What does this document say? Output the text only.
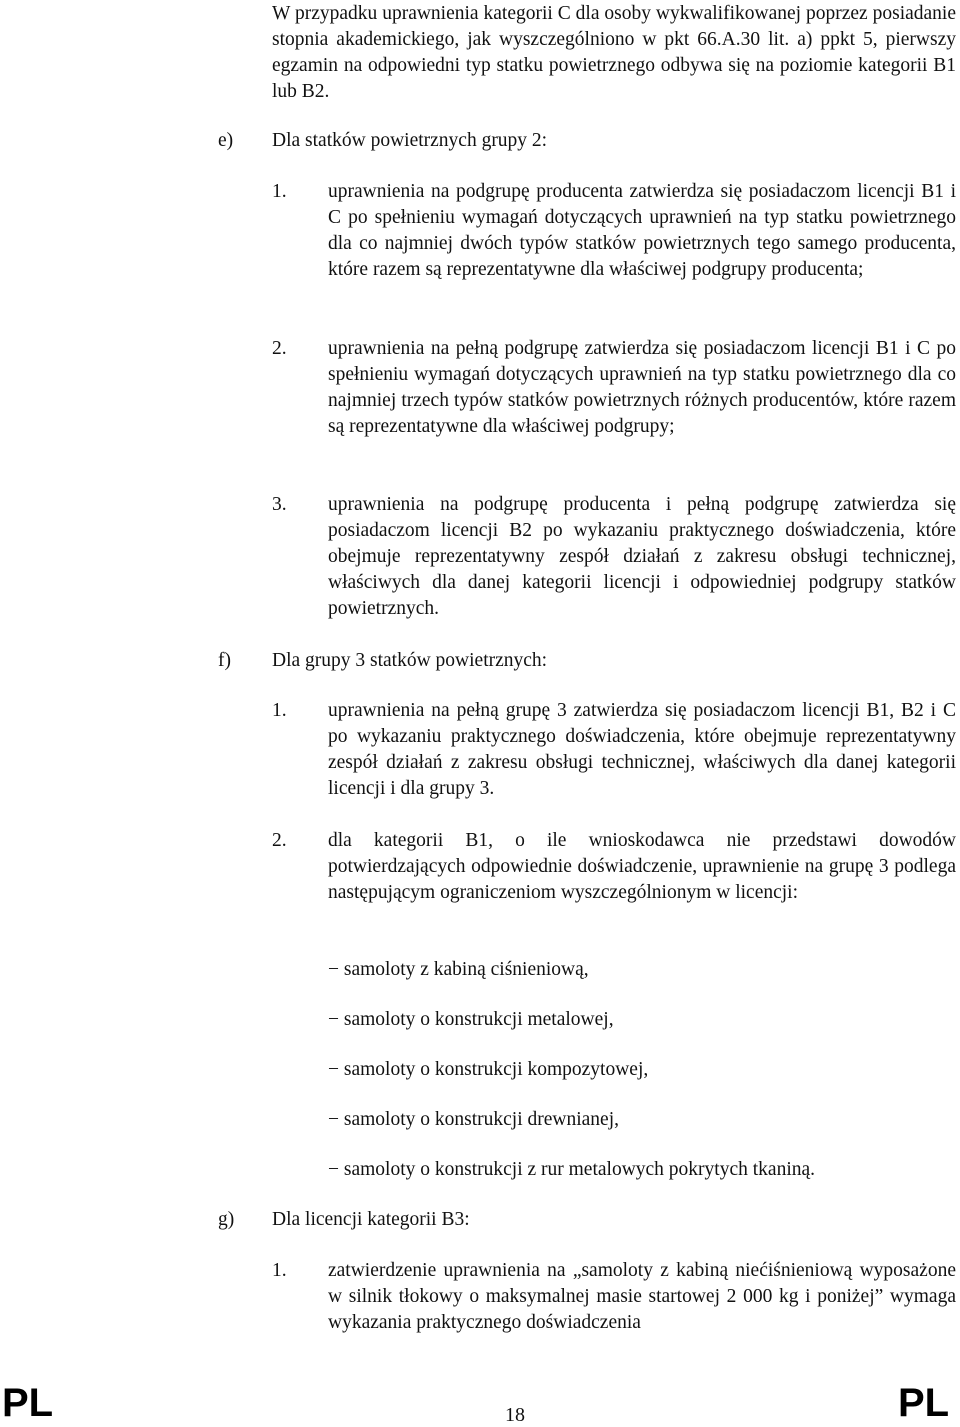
W przypadku uprawnienia kategorii C dla osoby wykwalifikowanej poprzez posiadanie stopnia akademickiego, jak wyszczególniono w pkt 66.A.30 lit. a) ppkt 5, pierwszy egzamin na odpowiedni typ statku powietrznego odbywa się na poziomie kategorii B1 lub B2.

e) Dla statków powietrznych grupy 2:

1. uprawnienia na podgrupę producenta zatwierdza się posiadaczom licencji B1 i C po spełnieniu wymagań dotyczących uprawnień na typ statku powietrznego dla co najmniej dwóch typów statków powietrznych tego samego producenta, które razem są reprezentatywne dla właściwej podgrupy producenta;
2. uprawnienia na pełną podgrupę zatwierdza się posiadaczom licencji B1 i C po spełnieniu wymagań dotyczących uprawnień na typ statku powietrznego dla co najmniej trzech typów statków powietrznych różnych producentów, które razem są reprezentatywne dla właściwej podgrupy;
3. uprawnienia na podgrupę producenta i pełną podgrupę zatwierdza się posiadaczom licencji B2 po wykazaniu praktycznego doświadczenia, które obejmuje reprezentatywny zespół działań z zakresu obsługi technicznej, właściwych dla danej kategorii licencji i odpowiedniej podgrupy statków powietrznych.

f) Dla grupy 3 statków powietrznych:

1. uprawnienia na pełną grupę 3 zatwierdza się posiadaczom licencji B1, B2 i C po wykazaniu praktycznego doświadczenia, które obejmuje reprezentatywny zespół działań z zakresu obsługi technicznej, właściwych dla danej kategorii licencji i dla grupy 3.
2. dla kategorii B1, o ile wnioskodawca nie przedstawi dowodów potwierdzających odpowiednie doświadczenie, uprawnienie na grupę 3 podlega następującym ograniczeniom wyszczególnionym w licencji:

− samoloty z kabiną ciśnieniową,

− samoloty o konstrukcji metalowej,

− samoloty o konstrukcji kompozytowej,

− samoloty o konstrukcji drewnianej,

− samoloty o konstrukcji z rur metalowych pokrytych tkaniną.

g) Dla licencji kategorii B3:

1. zatwierdzenie uprawnienia na „samoloty z kabiną niećiśnieniową wyposażone w silnik tłokowy o maksymalnej masie startowej 2 000 kg i poniżej” wymaga wykazania praktycznego doświadczenia
PL	18	PL
